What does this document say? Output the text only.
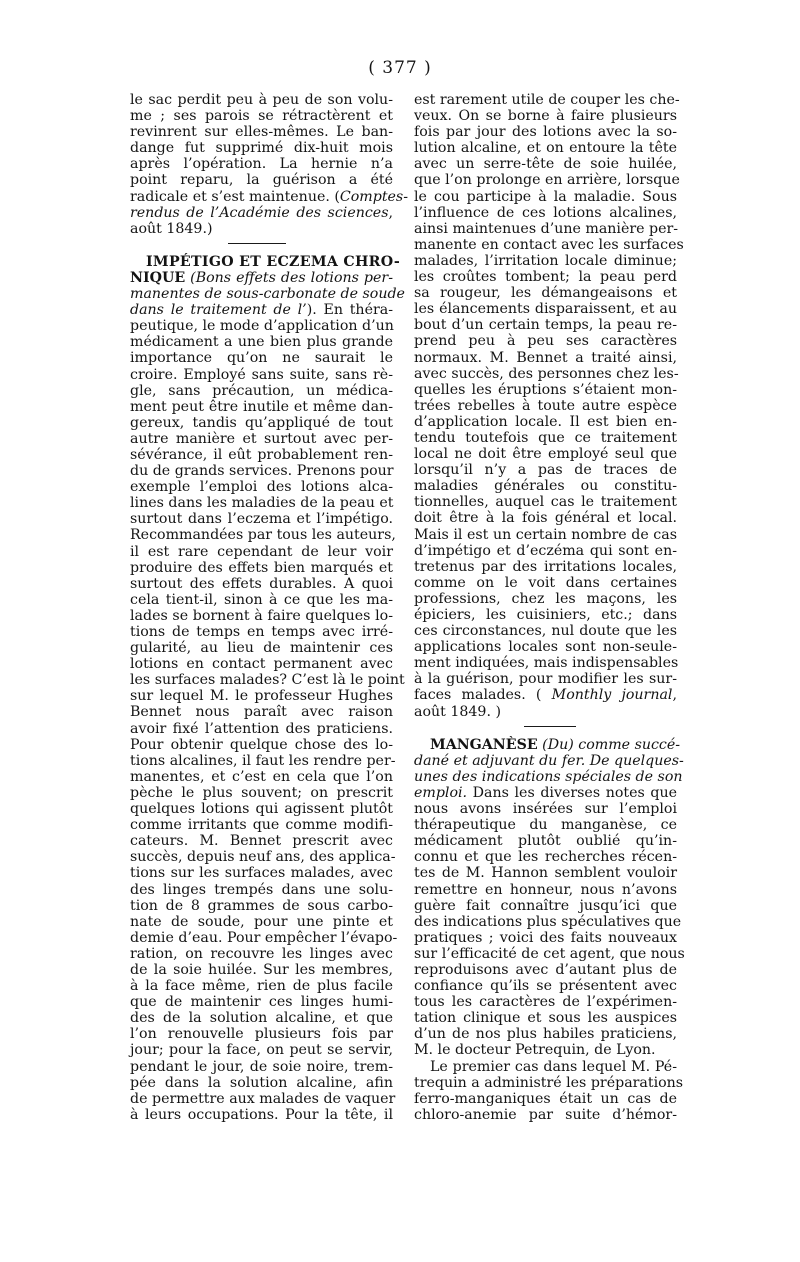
( 377 )
le sac perdit peu à peu de son volu-
me ; ses parois se rétractèrent et
revinrent sur elles-mêmes. Le ban-
dange fut supprimé dix-huit mois
après l’opération. La hernie n’a
point reparu, la guérison a été
radicale et s’est maintenue. (Comptes-
rendus de l’Académie des sciences,
août 1849.)
IMPÉTIGO ET ECZEMA CHRO-
NIQUE (Bons effets des lotions per-
manentes de sous-carbonate de soude
dans le traitement de l’). En théra-
peutique, le mode d’application d’un
médicament a une bien plus grande
importance qu’on ne saurait le
croire. Employé sans suite, sans rè-
gle, sans précaution, un médica-
ment peut être inutile et même dan-
gereux, tandis qu’appliqué de tout
autre manière et surtout avec per-
sévérance, il eût probablement ren-
du de grands services. Prenons pour
exemple l’emploi des lotions alca-
lines dans les maladies de la peau et
surtout dans l’eczema et l’impétigo.
Recommandées par tous les auteurs,
il est rare cependant de leur voir
produire des effets bien marqués et
surtout des effets durables. A quoi
cela tient-il, sinon à ce que les ma-
lades se bornent à faire quelques lo-
tions de temps en temps avec irré-
gularité, au lieu de maintenir ces
lotions en contact permanent avec
les surfaces malades? C’est là le point
sur lequel M. le professeur Hughes
Bennet nous paraît avec raison
avoir fixé l’attention des praticiens.
Pour obtenir quelque chose des lo-
tions alcalines, il faut les rendre per-
manentes, et c’est en cela que l’on
pèche le plus souvent; on prescrit
quelques lotions qui agissent plutôt
comme irritants que comme modifi-
cateurs. M. Bennet prescrit avec
succès, depuis neuf ans, des applica-
tions sur les surfaces malades, avec
des linges trempés dans une solu-
tion de 8 grammes de sous carbo-
nate de soude, pour une pinte et
demie d’eau. Pour empêcher l’évapo-
ration, on recouvre les linges avec
de la soie huilée. Sur les membres,
à la face même, rien de plus facile
que de maintenir ces linges humi-
des de la solution alcaline, et que
l’on renouvelle plusieurs fois par
jour; pour la face, on peut se servir,
pendant le jour, de soie noire, trem-
pée dans la solution alcaline, afin
de permettre aux malades de vaquer
à leurs occupations. Pour la tête, il
est rarement utile de couper les che-
veux. On se borne à faire plusieurs
fois par jour des lotions avec la so-
lution alcaline, et on entoure la tête
avec un serre-tête de soie huilée,
que l’on prolonge en arrière, lorsque
le cou participe à la maladie. Sous
l’influence de ces lotions alcalines,
ainsi maintenues d’une manière per-
manente en contact avec les surfaces
malades, l’irritation locale diminue;
les croûtes tombent; la peau perd
sa rougeur, les démangeaisons et
les élancements disparaissent, et au
bout d’un certain temps, la peau re-
prend peu à peu ses caractères
normaux. M. Bennet a traité ainsi,
avec succès, des personnes chez les-
quelles les éruptions s’étaient mon-
trées rebelles à toute autre espèce
d’application locale. Il est bien en-
tendu toutefois que ce traitement
local ne doit être employé seul que
lorsqu’il n’y a pas de traces de
maladies générales ou constitu-
tionnelles, auquel cas le traitement
doit être à la fois général et local.
Mais il est un certain nombre de cas
d’impétigo et d’eczéma qui sont en-
tretenus par des irritations locales,
comme on le voit dans certaines
professions, chez les maçons, les
épiciers, les cuisiniers, etc.; dans
ces circonstances, nul doute que les
applications locales sont non-seule-
ment indiquées, mais indispensables
à la guérison, pour modifier les sur-
faces malades. ( Monthly journal,
août 1849. )
MANGANÈSE (Du) comme succé-
dané et adjuvant du fer. De quelques-
unes des indications spéciales de son
emploi. Dans les diverses notes que
nous avons insérées sur l’emploi
thérapeutique du manganèse, ce
médicament plutôt oublié qu’in-
connu et que les recherches récen-
tes de M. Hannon semblent vouloir
remettre en honneur, nous n’avons
guère fait connaître jusqu’ici que
des indications plus spéculatives que
pratiques ; voici des faits nouveaux
sur l’efficacité de cet agent, que nous
reproduisons avec d’autant plus de
confiance qu’ils se présentent avec
tous les caractères de l’expérimen-
tation clinique et sous les auspices
d’un de nos plus habiles praticiens,
M. le docteur Petrequin, de Lyon.
Le premier cas dans lequel M. Pé-
trequin a administré les préparations
ferro-manganiques était un cas de
chloro-anemie par suite d’hémor-
